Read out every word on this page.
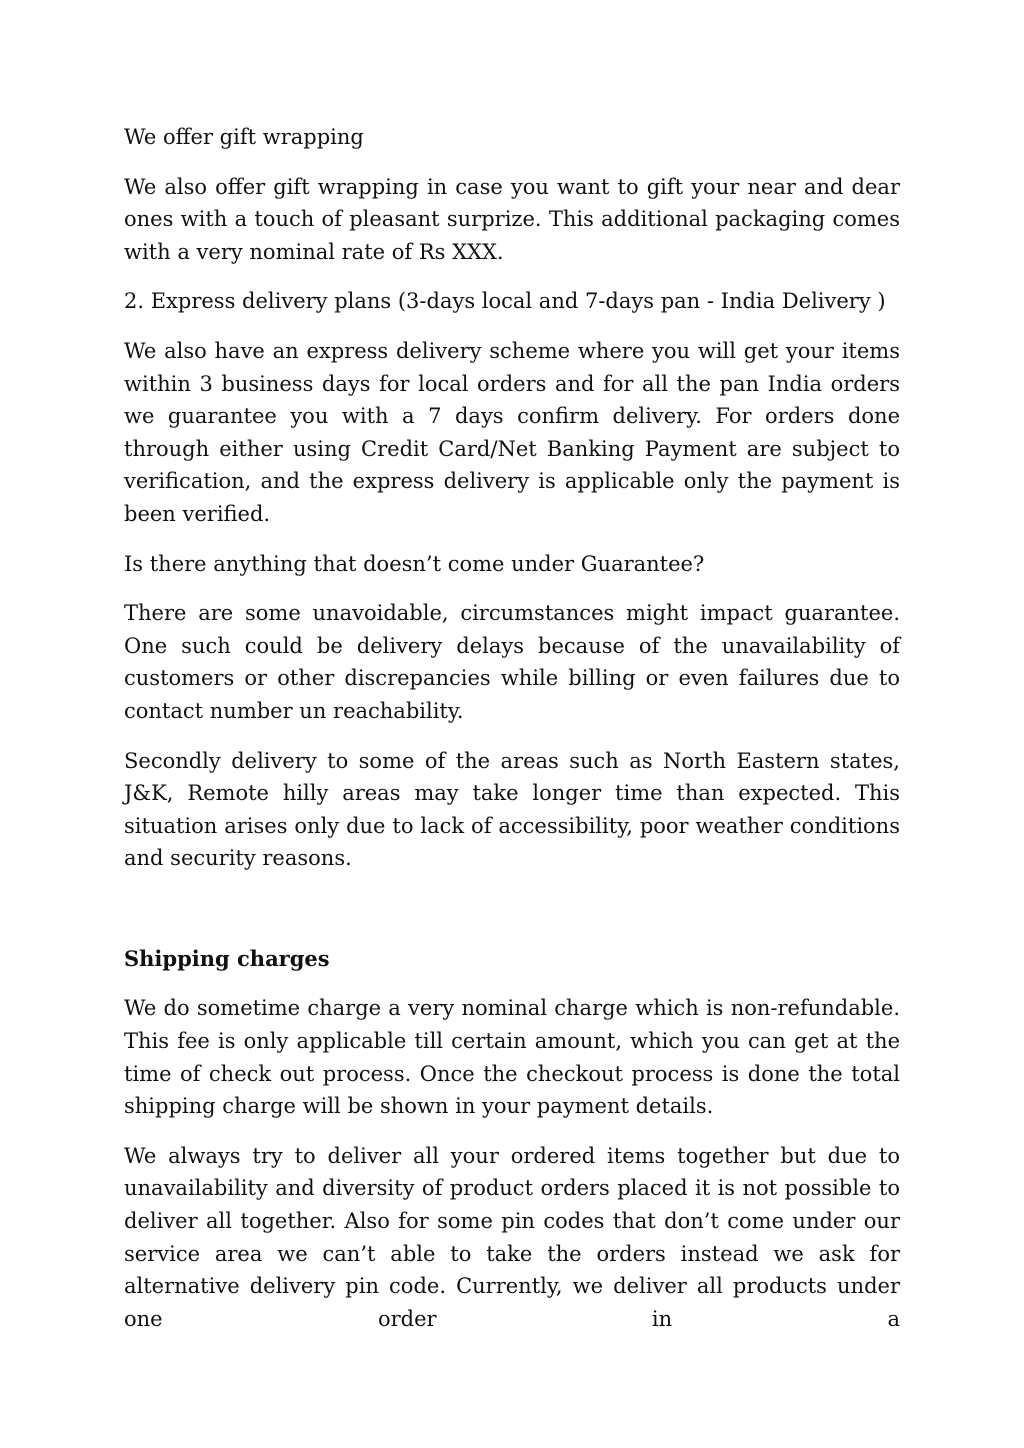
We offer gift wrapping

We also offer gift wrapping in case you want to gift your near and dear ones with a touch of pleasant surprize. This additional packaging comes with a very nominal rate of Rs XXX.

2. Express delivery plans (3-days local and 7-days pan - India Delivery )

We also have an express delivery scheme where you will get your items within 3 business days for local orders and for all the pan India orders we guarantee you with a 7 days confirm delivery. For orders done through either using Credit Card/Net Banking Payment are subject to verification, and the express delivery is applicable only the payment is been verified.

Is there anything that doesn’t come under Guarantee?

There are some unavoidable, circumstances might impact guarantee. One such could be delivery delays because of the unavailability of customers or other discrepancies while billing or even failures due to contact number un reachability.

Secondly delivery to some of the areas such as North Eastern states, J&K, Remote hilly areas may take longer time than expected. This situation arises only due to lack of accessibility, poor weather conditions and security reasons.

Shipping charges

We do sometime charge a very nominal charge which is non-refundable. This fee is only applicable till certain amount, which you can get at the time of check out process. Once the checkout process is done the total shipping charge will be shown in your payment details.

We always try to deliver all your ordered items together but due to unavailability and diversity of product orders placed it is not possible to deliver all together. Also for some pin codes that don’t come under our service area we can’t able to take the orders instead we ask for alternative delivery pin code. Currently, we deliver all products under one order in a
